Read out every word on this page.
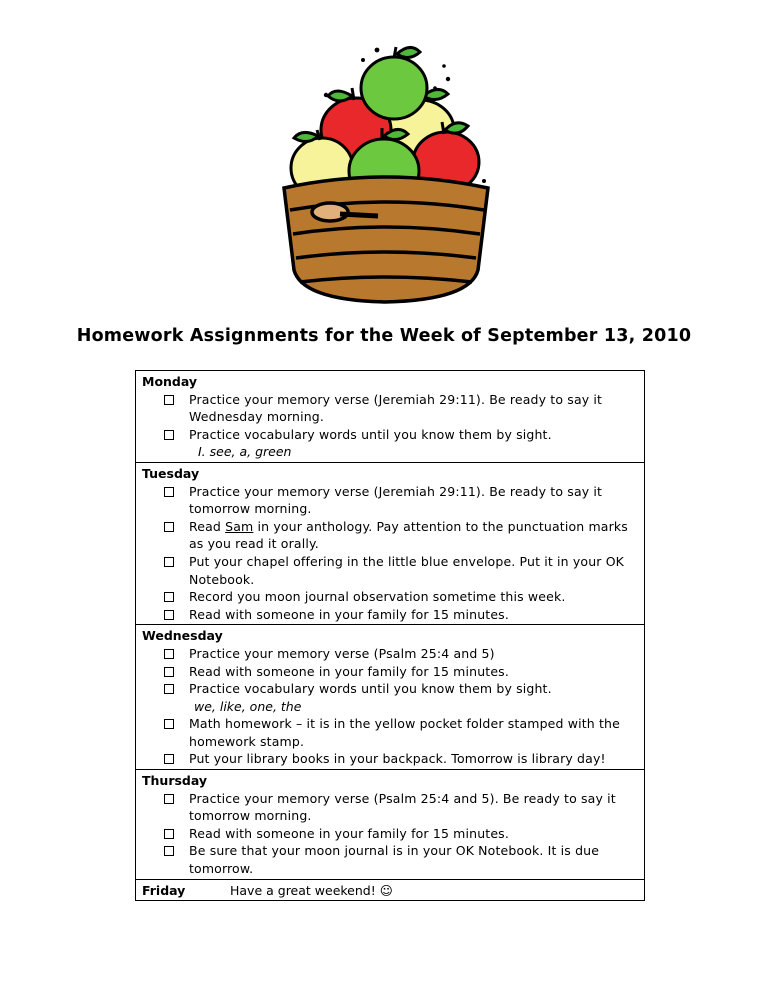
Homework Assignments for the Week of September 13, 2010
Monday
Practice your memory verse (Jeremiah 29:11). Be ready to say it Wednesday morning.
Practice vocabulary words until you know them by sight.
I. see, a, green
Tuesday
Practice your memory verse (Jeremiah 29:11). Be ready to say it tomorrow morning.
Read Sam in your anthology. Pay attention to the punctuation marks as you read it orally.
Put your chapel offering in the little blue envelope. Put it in your OK Notebook.
Record you moon journal observation sometime this week.
Read with someone in your family for 15 minutes.
Wednesday
Practice your memory verse (Psalm 25:4 and 5)
Read with someone in your family for 15 minutes.
Practice vocabulary words until you know them by sight.
we, like, one, the
Math homework – it is in the yellow pocket folder stamped with the homework stamp.
Put your library books in your backpack. Tomorrow is library day!
Thursday
Practice your memory verse (Psalm 25:4 and 5). Be ready to say it tomorrow morning.
Read with someone in your family for 15 minutes.
Be sure that your moon journal is in your OK Notebook. It is due tomorrow.
Friday	Have a great weekend! ☺
